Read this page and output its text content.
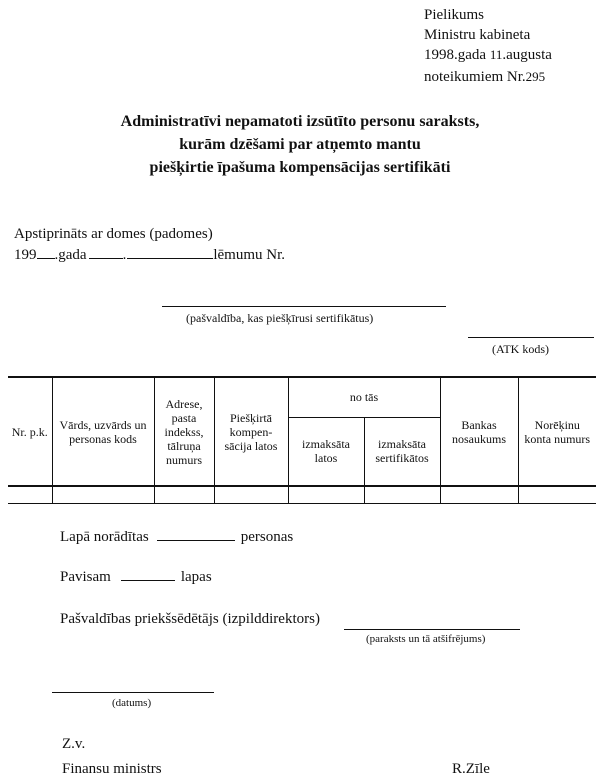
Pielikums
Ministru kabineta
1998.gada 11.augusta
noteikumiem Nr.295
Administratīvi nepamatoti izsūtīto personu saraksts,
kurām dzēšami par atņemto mantu
piešķirtie īpašuma kompensācijas sertifikāti
Apstiprināts ar domes (padomes)
199 .gada .	lēmumu Nr.
(pašvaldība, kas piešķīrusi sertifikātus)
(ATK kods)
Nr. p.k.	Vārds, uzvārds un personas kods	Adrese, pasta indekss, tālruņa numurs	Piešķirtā kompen-sācija latos	no tās		Bankas nosaukums	Norēķinu konta numurs
				izmaksāta latos	izmaksāta sertifikātos		

Lapā norādītas	personas
Pavisam	lapas
Pašvaldības priekšsēdētājs (izpilddirektors)
(paraksts un tā atšifrējums)
(datums)
Z.v.
Finansu ministrs	R.Zīle
